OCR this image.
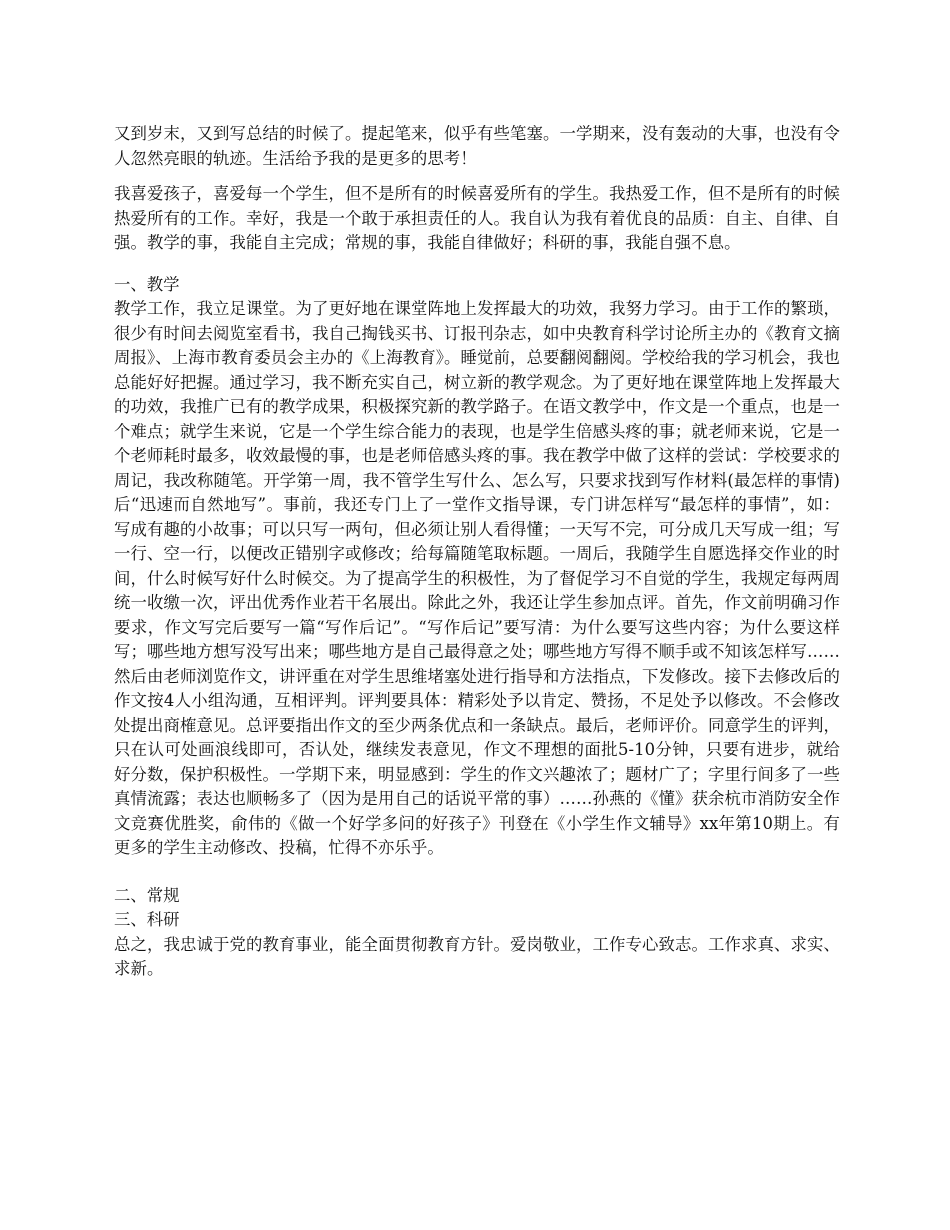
又到岁末，又到写总结的时候了。提起笔来，似乎有些笔塞。一学期来，没有轰动的大事，也没有令人忽然亮眼的轨迹。生活给予我的是更多的思考！

我喜爱孩子，喜爱每一个学生，但不是所有的时候喜爱所有的学生。我热爱工作，但不是所有的时候热爱所有的工作。幸好，我是一个敢于承担责任的人。我自认为我有着优良的品质：自主、自律、自强。教学的事，我能自主完成；常规的事，我能自律做好；科研的事，我能自强不息。

一、教学

教学工作，我立足课堂。为了更好地在课堂阵地上发挥最大的功效，我努力学习。由于工作的繁琐，很少有时间去阅览室看书，我自己掏钱买书、订报刊杂志，如中央教育科学讨论所主办的《教育文摘周报》、上海市教育委员会主办的《上海教育》。睡觉前，总要翻阅翻阅。学校给我的学习机会，我也总能好好把握。通过学习，我不断充实自己，树立新的教学观念。为了更好地在课堂阵地上发挥最大的功效，我推广已有的教学成果，积极探究新的教学路子。在语文教学中，作文是一个重点，也是一个难点；就学生来说，它是一个学生综合能力的表现，也是学生倍感头疼的事；就老师来说，它是一个老师耗时最多，收效最慢的事，也是老师倍感头疼的事。我在教学中做了这样的尝试：学校要求的周记，我改称随笔。开学第一周，我不管学生写什么、怎么写，只要求找到写作材料(最怎样的事情)后“迅速而自然地写”。事前，我还专门上了一堂作文指导课，专门讲怎样写“最怎样的事情”，如：写成有趣的小故事；可以只写一两句，但必须让别人看得懂；一天写不完，可分成几天写成一组；写一行、空一行，以便改正错别字或修改；给每篇随笔取标题。一周后，我随学生自愿选择交作业的时间，什么时候写好什么时候交。为了提高学生的积极性，为了督促学习不自觉的学生，我规定每两周统一收缴一次，评出优秀作业若干名展出。除此之外，我还让学生参加点评。首先，作文前明确习作要求，作文写完后要写一篇“写作后记”。“写作后记”要写清：为什么要写这些内容；为什么要这样写；哪些地方想写没写出来；哪些地方是自己最得意之处；哪些地方写得不顺手或不知该怎样写……然后由老师浏览作文，讲评重在对学生思维堵塞处进行指导和方法指点，下发修改。接下去修改后的作文按4人小组沟通，互相评判。评判要具体：精彩处予以肯定、赞扬，不足处予以修改。不会修改处提出商榷意见。总评要指出作文的至少两条优点和一条缺点。最后，老师评价。同意学生的评判，只在认可处画浪线即可，否认处，继续发表意见，作文不理想的面批5-10分钟，只要有进步，就给好分数，保护积极性。一学期下来，明显感到：学生的作文兴趣浓了；题材广了；字里行间多了一些真情流露；表达也顺畅多了（因为是用自己的话说平常的事）……孙燕的《懂》获余杭市消防安全作文竞赛优胜奖，俞伟的《做一个好学多问的好孩子》刊登在《小学生作文辅导》xx年第10期上。有更多的学生主动修改、投稿，忙得不亦乐乎。

二、常规

三、科研

总之，我忠诚于党的教育事业，能全面贯彻教育方针。爱岗敬业，工作专心致志。工作求真、求实、求新。
